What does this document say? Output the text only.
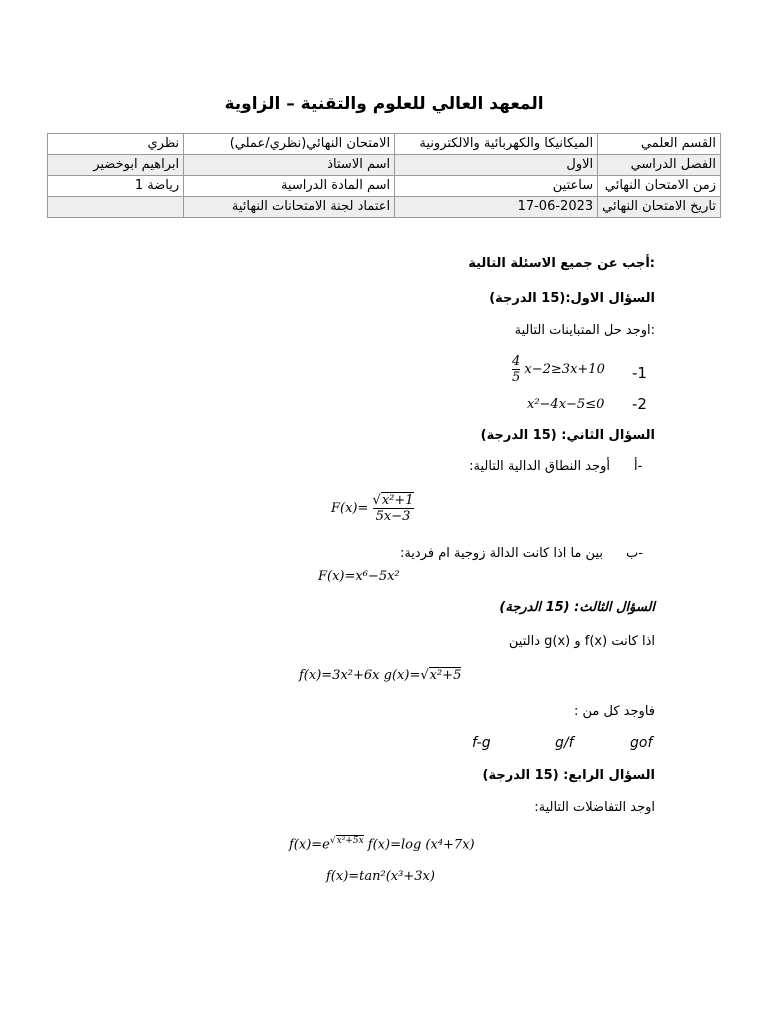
المعهد العالي للعلوم والتقنية – الزاوية
القسم العلمي	الميكانيكا والكهربائية والالكترونية	الامتحان النهائي(نظري/عملي)	نظري
الفصل الدراسي	الاول	اسم الاستاذ	ابراهيم ابوخضير
زمن الامتحان النهائي	ساعتين	اسم المادة الدراسية	رياضة 1
تاريخ الامتحان النهائي	17-06-2023	اعتماد لجنة الامتحانات النهائية	
:أجب عن جميع الاسئلة التالية
السؤال الاول:(15 الدرجة)
:اوجد حل المتباينات التالية
$\frac{4}{5} x-2\ge 3x+10$ -1
x²−4x−5≤0 -2
السؤال الثاني: (15 الدرجة)
أ-
أوجد النطاق الدالية التالية:
$F(x)= \frac{\text{√x²+1}}{5x-3}$
ب-
بين ما اذا كانت الدالة زوجية ام فردية:
F(x)=x⁶−5x²
السؤال الثالث: (15 الدرجة)
اذا كانت f(x) و g(x) دالتين
f(x)=3x²+6x g(x)=√x²+5
فاوجد كل من :
f-g	g/f	gof
السؤال الرابع: (15 الدرجة)
اوجد التفاضلات التالية:
$f(x)=e^{√x^2+5x}$ f(x)=log (x⁴+7x)
f(x)=tan²(x³+3x)
